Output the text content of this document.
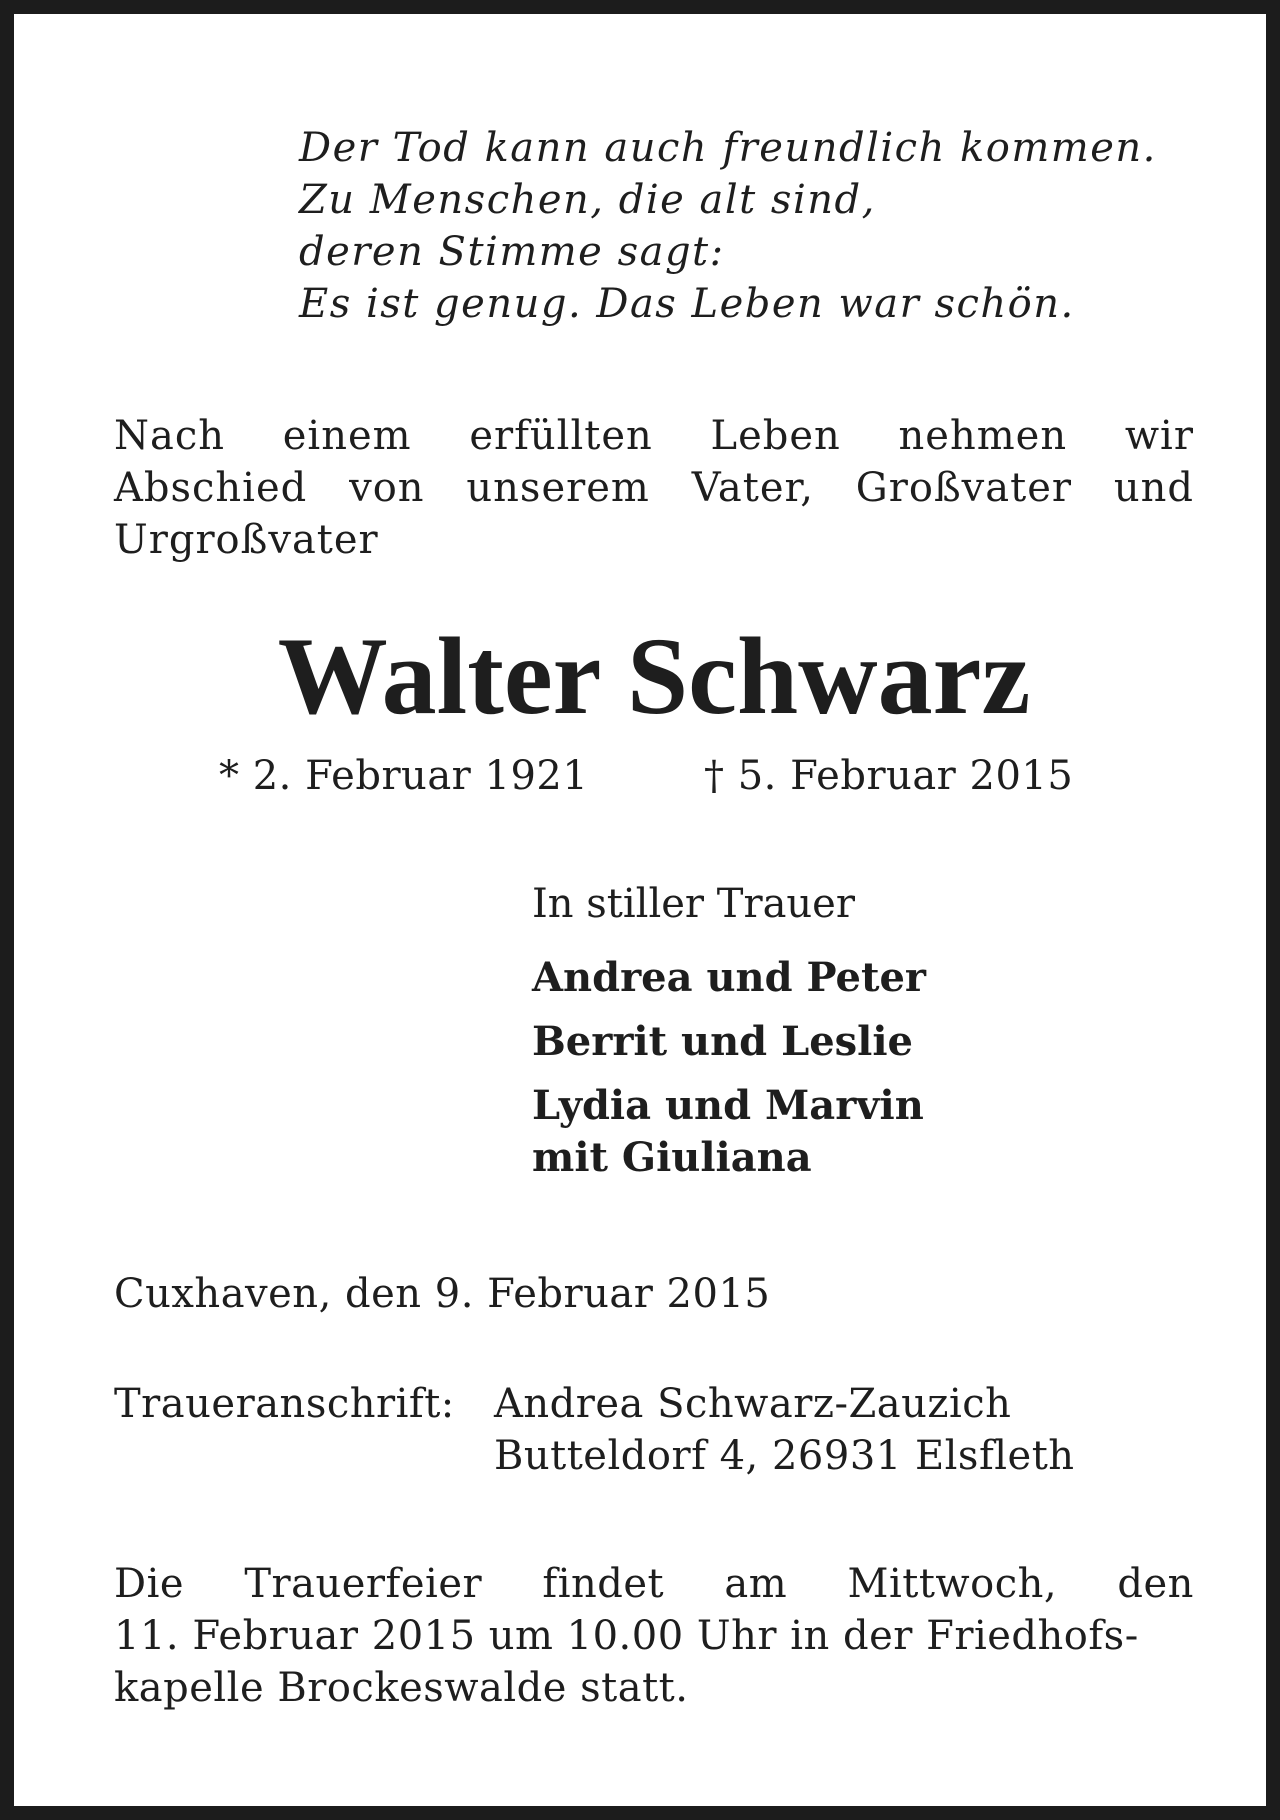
Der Tod kann auch freundlich kommen.
Zu Menschen, die alt sind,
deren Stimme sagt:
Es ist genug. Das Leben war schön.
Nach einem erfüllten Leben nehmen wir
Abschied von unserem Vater, Großvater und
Urgroßvater
Walter Schwarz
* 2. Februar 1921	† 5. Februar 2015
In stiller Trauer
Andrea und Peter
Berrit und Leslie
Lydia und Marvin
mit Giuliana
Cuxhaven, den 9. Februar 2015
Traueranschrift: Andrea Schwarz-Zauzich
Butteldorf 4, 26931 Elsfleth
Die Trauerfeier findet am Mittwoch, den
11. Februar 2015 um 10.00 Uhr in der Friedhofs-
kapelle Brockeswalde statt.
